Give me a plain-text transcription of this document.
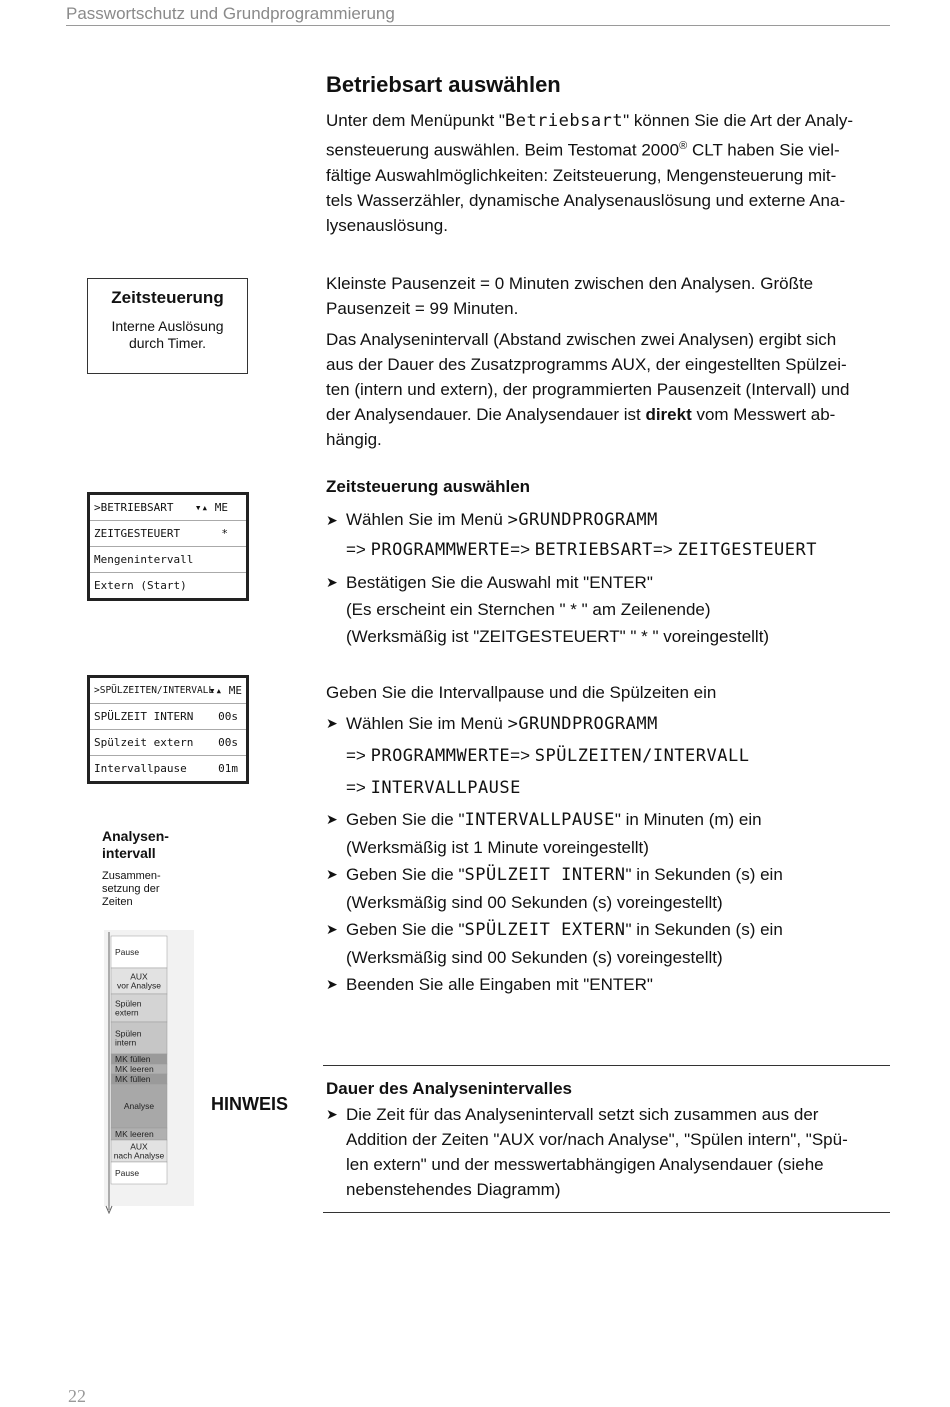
Passwortschutz und Grundprogrammierung
Betriebsart auswählen
Unter dem Menüpunkt "Betriebsart" können Sie die Art der Analy-
sensteuerung auswählen. Beim Testomat 2000® CLT haben Sie viel-
fältige Auswahlmöglichkeiten: Zeitsteuerung, Mengensteuerung mit-
tels Wasserzähler, dynamische Analysenauslösung und externe Ana-
lysenauslösung.
Zeitsteuerung
Interne Auslösung
durch Timer.
Kleinste Pausenzeit = 0 Minuten zwischen den Analysen. Größte
Pausenzeit = 99 Minuten.
Das Analysenintervall (Abstand zwischen zwei Analysen) ergibt sich
aus der Dauer des Zusatzprogramms AUX, der eingestellten Spülzei-
ten (intern und extern), der programmierten Pausenzeit (Intervall) und
der Analysendauer. Die Analysendauer ist direkt vom Messwert ab-
hängig.
>BETRIEBSART ▾▴ ME
ZEITGESTEUERT	*
Mengenintervall
Extern (Start)
Zeitsteuerung auswählen
➤ Wählen Sie im Menü >GRUNDPROGRAMM
=> PROGRAMMWERTE=> BETRIEBSART=> ZEITGESTEUERT
➤ Bestätigen Sie die Auswahl mit "ENTER"
(Es erscheint ein Sternchen " * " am Zeilenende)
(Werksmäßig ist "ZEITGESTEUERT" " * " voreingestellt)
>SPÜLZEITEN/INTERVALL
▾▴ ME
SPÜLZEIT INTERN 00s
Spülzeit extern 00s
Intervallpause	01m
Geben Sie die Intervallpause und die Spülzeiten ein
➤ Wählen Sie im Menü >GRUNDPROGRAMM
=> PROGRAMMWERTE=> SPÜLZEITEN/INTERVALL
=> INTERVALLPAUSE
➤ Geben Sie die "INTERVALLPAUSE" in Minuten (m) ein
(Werksmäßig ist 1 Minute voreingestellt)
➤ Geben Sie die "SPÜLZEIT INTERN" in Sekunden (s) ein
(Werksmäßig sind 00 Sekunden (s) voreingestellt)
➤ Geben Sie die "SPÜLZEIT EXTERN" in Sekunden (s) ein
(Werksmäßig sind 00 Sekunden (s) voreingestellt)
➤ Beenden Sie alle Eingaben mit "ENTER"
Analysen-
intervall
Zusammen-
setzung der
Zeiten
Pause
AUX
vor Analyse
Spülen
extern
Spülen
intern
MK füllen
MK leeren
MK füllen
Analyse
MK leeren
AUX
nach Analyse
Pause
HINWEIS
Dauer des Analysenintervalles
➤ Die Zeit für das Analysenintervall setzt sich zusammen aus der
Addition der Zeiten "AUX vor/nach Analyse", "Spülen intern", "Spü-
len extern" und der messwertabhängigen Analysendauer (siehe
nebenstehendes Diagramm)
22
